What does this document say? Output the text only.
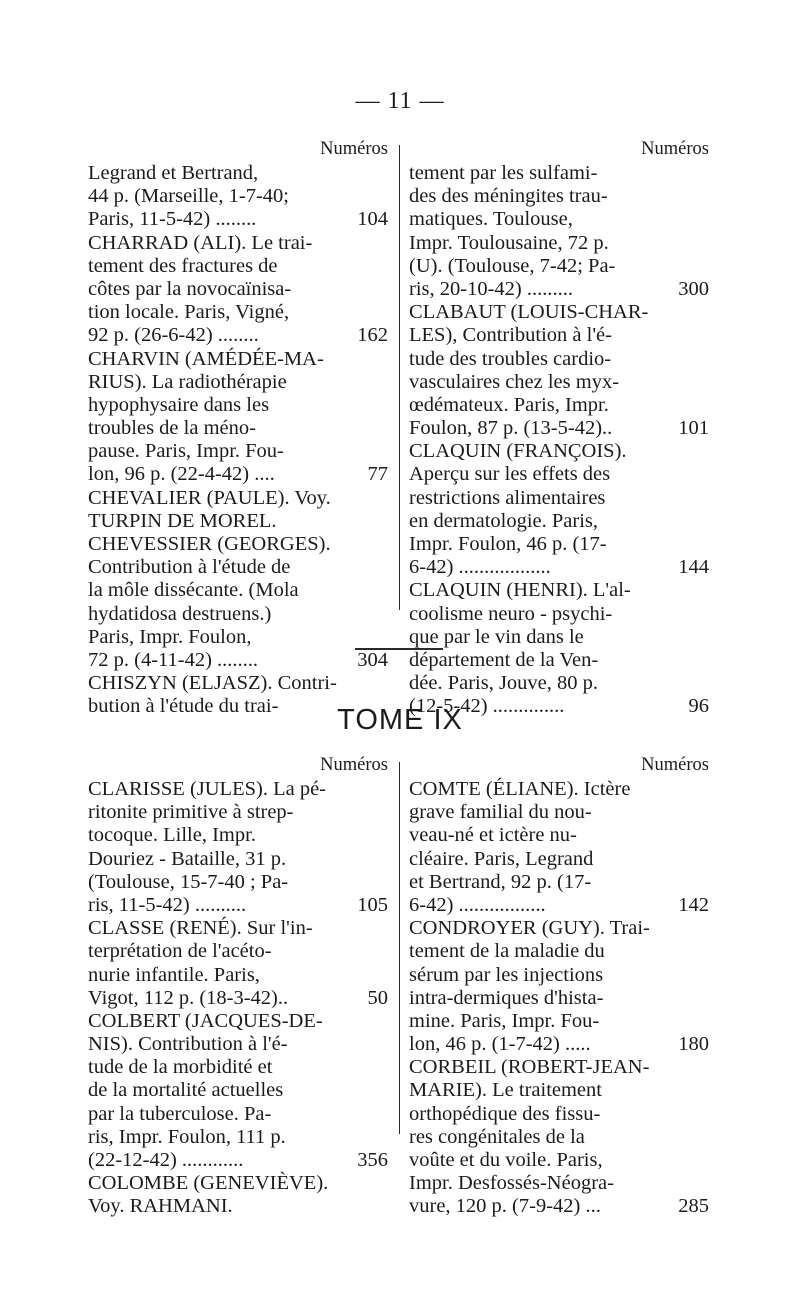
— 11 —
Numéros
Legrand et Bertrand,
44 p. (Marseille, 1-7-40;
Paris, 11-5-42) ........	104
CHARRAD (ALI). Le trai-
tement des fractures de
côtes par la novocaïnisa-
tion locale. Paris, Vigné,
92 p. (26-6-42) ........	162
CHARVIN (AMÉDÉE-MA-
RIUS). La radiothérapie
hypophysaire dans les
troubles de la méno-
pause. Paris, Impr. Fou-
lon, 96 p. (22-4-42) ....	77
CHEVALIER (PAULE). Voy.
TURPIN DE MOREL.
CHEVESSIER (GEORGES).
Contribution à l'étude de
la môle dissécante. (Mola
hydatidosa destruens.)
Paris, Impr. Foulon,
72 p. (4-11-42) ........	304
CHISZYN (ELJASZ). Contri-
bution à l'étude du trai-
Numéros
tement par les sulfami-
des des méningites trau-
matiques. Toulouse,
Impr. Toulousaine, 72 p.
(U). (Toulouse, 7-42; Pa-
ris, 20-10-42) .........	300
CLABAUT (LOUIS-CHAR-
LES), Contribution à l'é-
tude des troubles cardio-
vasculaires chez les myx-
œdémateux. Paris, Impr.
Foulon, 87 p. (13-5-42)..	101
CLAQUIN (FRANÇOIS).
Aperçu sur les effets des
restrictions alimentaires
en dermatologie. Paris,
Impr. Foulon, 46 p. (17-
6-42) ..................	144
CLAQUIN (HENRI). L'al-
coolisme neuro - psychi-
que par le vin dans le
département de la Ven-
dée. Paris, Jouve, 80 p.
(12-5-42) ..............	96
TOME IX
Numéros
CLARISSE (JULES). La pé-
ritonite primitive à strep-
tocoque. Lille, Impr.
Douriez - Bataille, 31 p.
(Toulouse, 15-7-40 ; Pa-
ris, 11-5-42) ..........	105
CLASSE (RENÉ). Sur l'in-
terprétation de l'acéto-
nurie infantile. Paris,
Vigot, 112 p. (18-3-42)..	50
COLBERT (JACQUES-DE-
NIS). Contribution à l'é-
tude de la morbidité et
de la mortalité actuelles
par la tuberculose. Pa-
ris, Impr. Foulon, 111 p.
(22-12-42) ............	356
COLOMBE (GENEVIÈVE).
Voy. RAHMANI.
Numéros
COMTE (ÉLIANE). Ictère
grave familial du nou-
veau-né et ictère nu-
cléaire. Paris, Legrand
et Bertrand, 92 p. (17-
6-42) .................	142
CONDROYER (GUY). Trai-
tement de la maladie du
sérum par les injections
intra-dermiques d'hista-
mine. Paris, Impr. Fou-
lon, 46 p. (1-7-42) .....	180
CORBEIL (ROBERT-JEAN-
MARIE). Le traitement
orthopédique des fissu-
res congénitales de la
voûte et du voile. Paris,
Impr. Desfossés-Néogra-
vure, 120 p. (7-9-42) ...	285
